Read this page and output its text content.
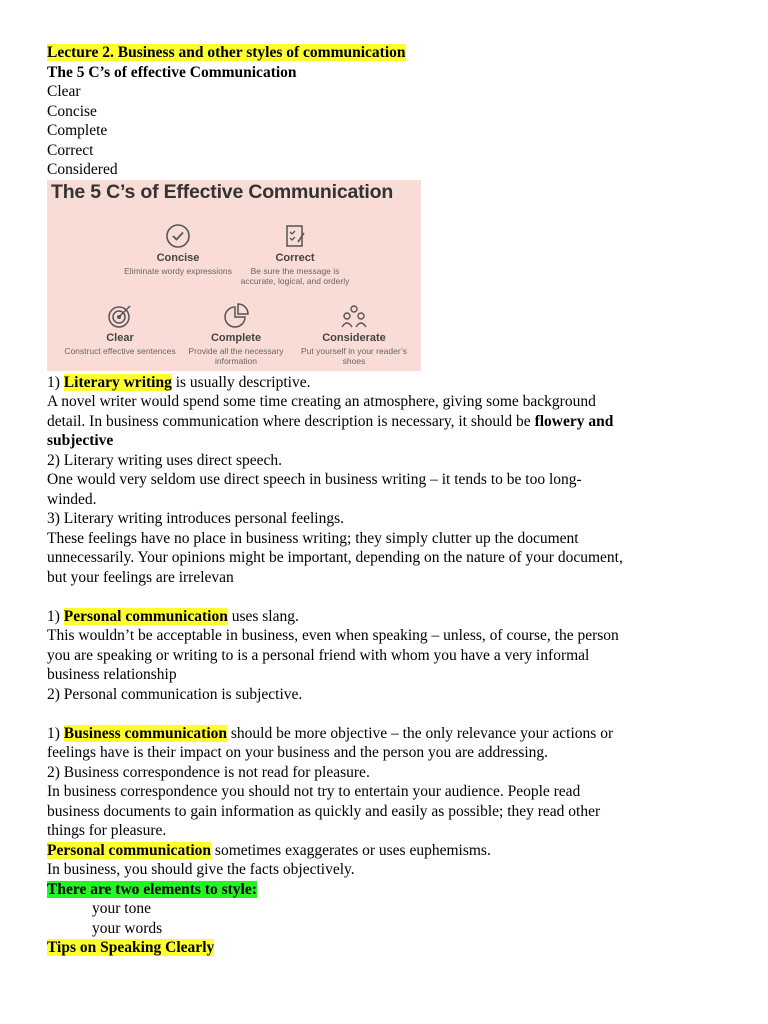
Lecture 2. Business and other styles of communication
The 5 C’s of effective Communication
Clear
Concise
Complete
Correct
Considered
The 5 C’s of Effective Communication
Concise
Eliminate wordy expressions
Correct
Be sure the message is accurate, logical, and orderly
Clear
Construct effective sentences
Complete
Provide all the necessary information
Considerate
Put yourself in your reader’s shoes
1) Literary writing is usually descriptive.
A novel writer would spend some time creating an atmosphere, giving some background
detail. In business communication where description is necessary, it should be flowery and
subjective
2) Literary writing uses direct speech.
One would very seldom use direct speech in business writing – it tends to be too long-
winded.
3) Literary writing introduces personal feelings.
These feelings have no place in business writing; they simply clutter up the document
unnecessarily. Your opinions might be important, depending on the nature of your document,
but your feelings are irrelevan
1) Personal communication uses slang.
This wouldn’t be acceptable in business, even when speaking – unless, of course, the person
you are speaking or writing to is a personal friend with whom you have a very informal
business relationship
2) Personal communication is subjective.
1) Business communication should be more objective – the only relevance your actions or
feelings have is their impact on your business and the person you are addressing.
2) Business correspondence is not read for pleasure.
In business correspondence you should not try to entertain your audience. People read
business documents to gain information as quickly and easily as possible; they read other
things for pleasure.
Personal communication sometimes exaggerates or uses euphemisms.
In business, you should give the facts objectively.
There are two elements to style:
your tone
your words
Tips on Speaking Clearly
